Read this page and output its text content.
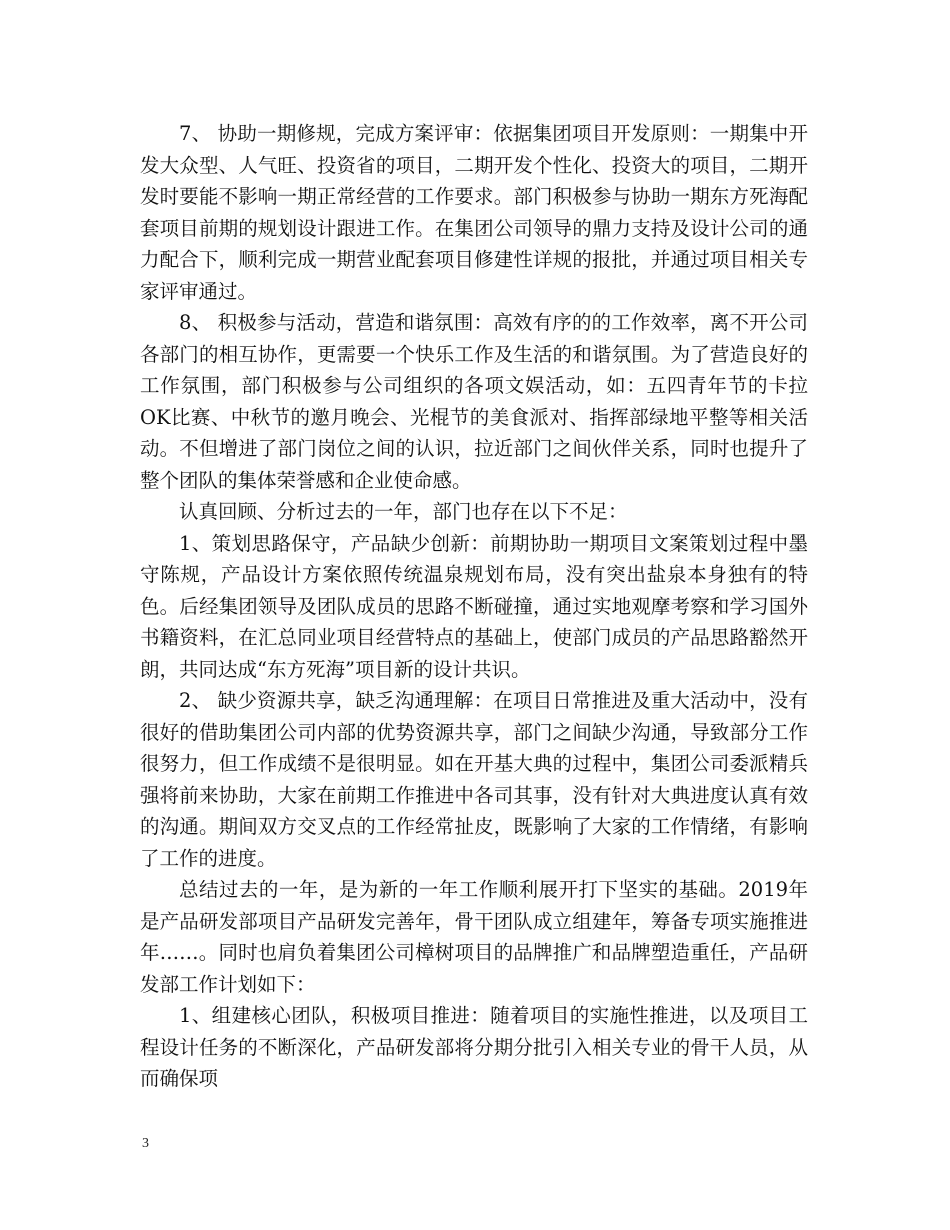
7、 协助一期修规，完成方案评审：依据集团项目开发原则：一期集中开发大众型、人气旺、投资省的项目，二期开发个性化、投资大的项目，二期开发时要能不影响一期正常经营的工作要求。部门积极参与协助一期东方死海配套项目前期的规划设计跟进工作。在集团公司领导的鼎力支持及设计公司的通力配合下，顺利完成一期营业配套项目修建性详规的报批，并通过项目相关专家评审通过。

8、 积极参与活动，营造和谐氛围：高效有序的的工作效率，离不开公司各部门的相互协作，更需要一个快乐工作及生活的和谐氛围。为了营造良好的工作氛围，部门积极参与公司组织的各项文娱活动，如：五四青年节的卡拉OK比赛、中秋节的邀月晚会、光棍节的美食派对、指挥部绿地平整等相关活动。不但增进了部门岗位之间的认识，拉近部门之间伙伴关系，同时也提升了整个团队的集体荣誉感和企业使命感。

认真回顾、分析过去的一年，部门也存在以下不足：

1、策划思路保守，产品缺少创新：前期协助一期项目文案策划过程中墨守陈规，产品设计方案依照传统温泉规划布局，没有突出盐泉本身独有的特色。后经集团领导及团队成员的思路不断碰撞，通过实地观摩考察和学习国外书籍资料，在汇总同业项目经营特点的基础上，使部门成员的产品思路豁然开朗，共同达成“东方死海”项目新的设计共识。

2、 缺少资源共享，缺乏沟通理解：在项目日常推进及重大活动中，没有很好的借助集团公司内部的优势资源共享，部门之间缺少沟通，导致部分工作很努力，但工作成绩不是很明显。如在开基大典的过程中，集团公司委派精兵强将前来协助，大家在前期工作推进中各司其事，没有针对大典进度认真有效的沟通。期间双方交叉点的工作经常扯皮，既影响了大家的工作情绪，有影响了工作的进度。

总结过去的一年，是为新的一年工作顺利展开打下坚实的基础。2019年是产品研发部项目产品研发完善年，骨干团队成立组建年，筹备专项实施推进年……。同时也肩负着集团公司樟树项目的品牌推广和品牌塑造重任，产品研发部工作计划如下：

1、组建核心团队，积极项目推进：随着项目的实施性推进，以及项目工程设计任务的不断深化，产品研发部将分期分批引入相关专业的骨干人员，从而确保项

3
